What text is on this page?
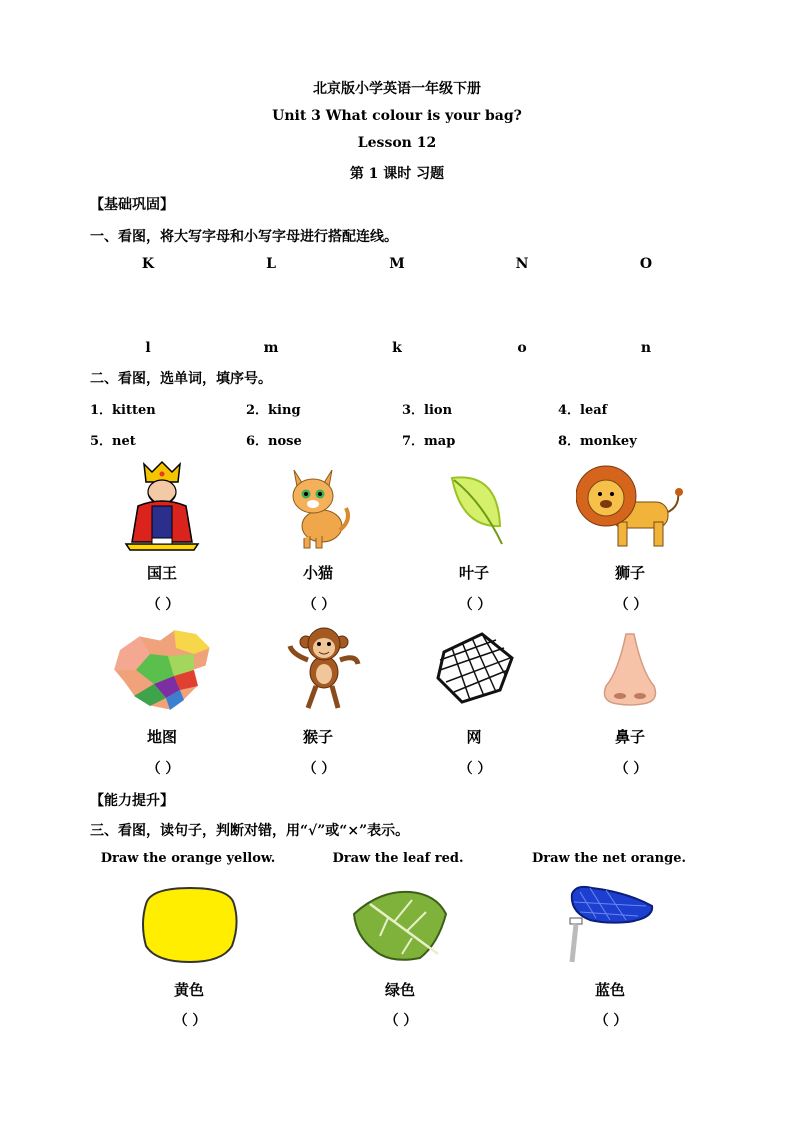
北京版小学英语一年级下册
Unit 3 What colour is your bag?
Lesson 12
第 1 课时 习题
【基础巩固】
一、看图，将大写字母和小写字母进行搭配连线。
K	L	M	N	O
l	m	k	o	n
二、看图，选单词，填序号。
1．kitten	2．king	3．lion	4．leaf
5．net	6．nose	7．map	8．monkey
国王	小猫	叶子	狮子
（ ）	（ ）	（ ）	（ ）
地图	猴子	网	鼻子
（ ）	（ ）	（ ）	（ ）
【能力提升】
三、看图，读句子，判断对错，用“√”或“×”表示。
Draw the orange yellow.	Draw the leaf red.	Draw the net orange.
黄色	绿色	蓝色
（ ）	（ ）	（ ）
